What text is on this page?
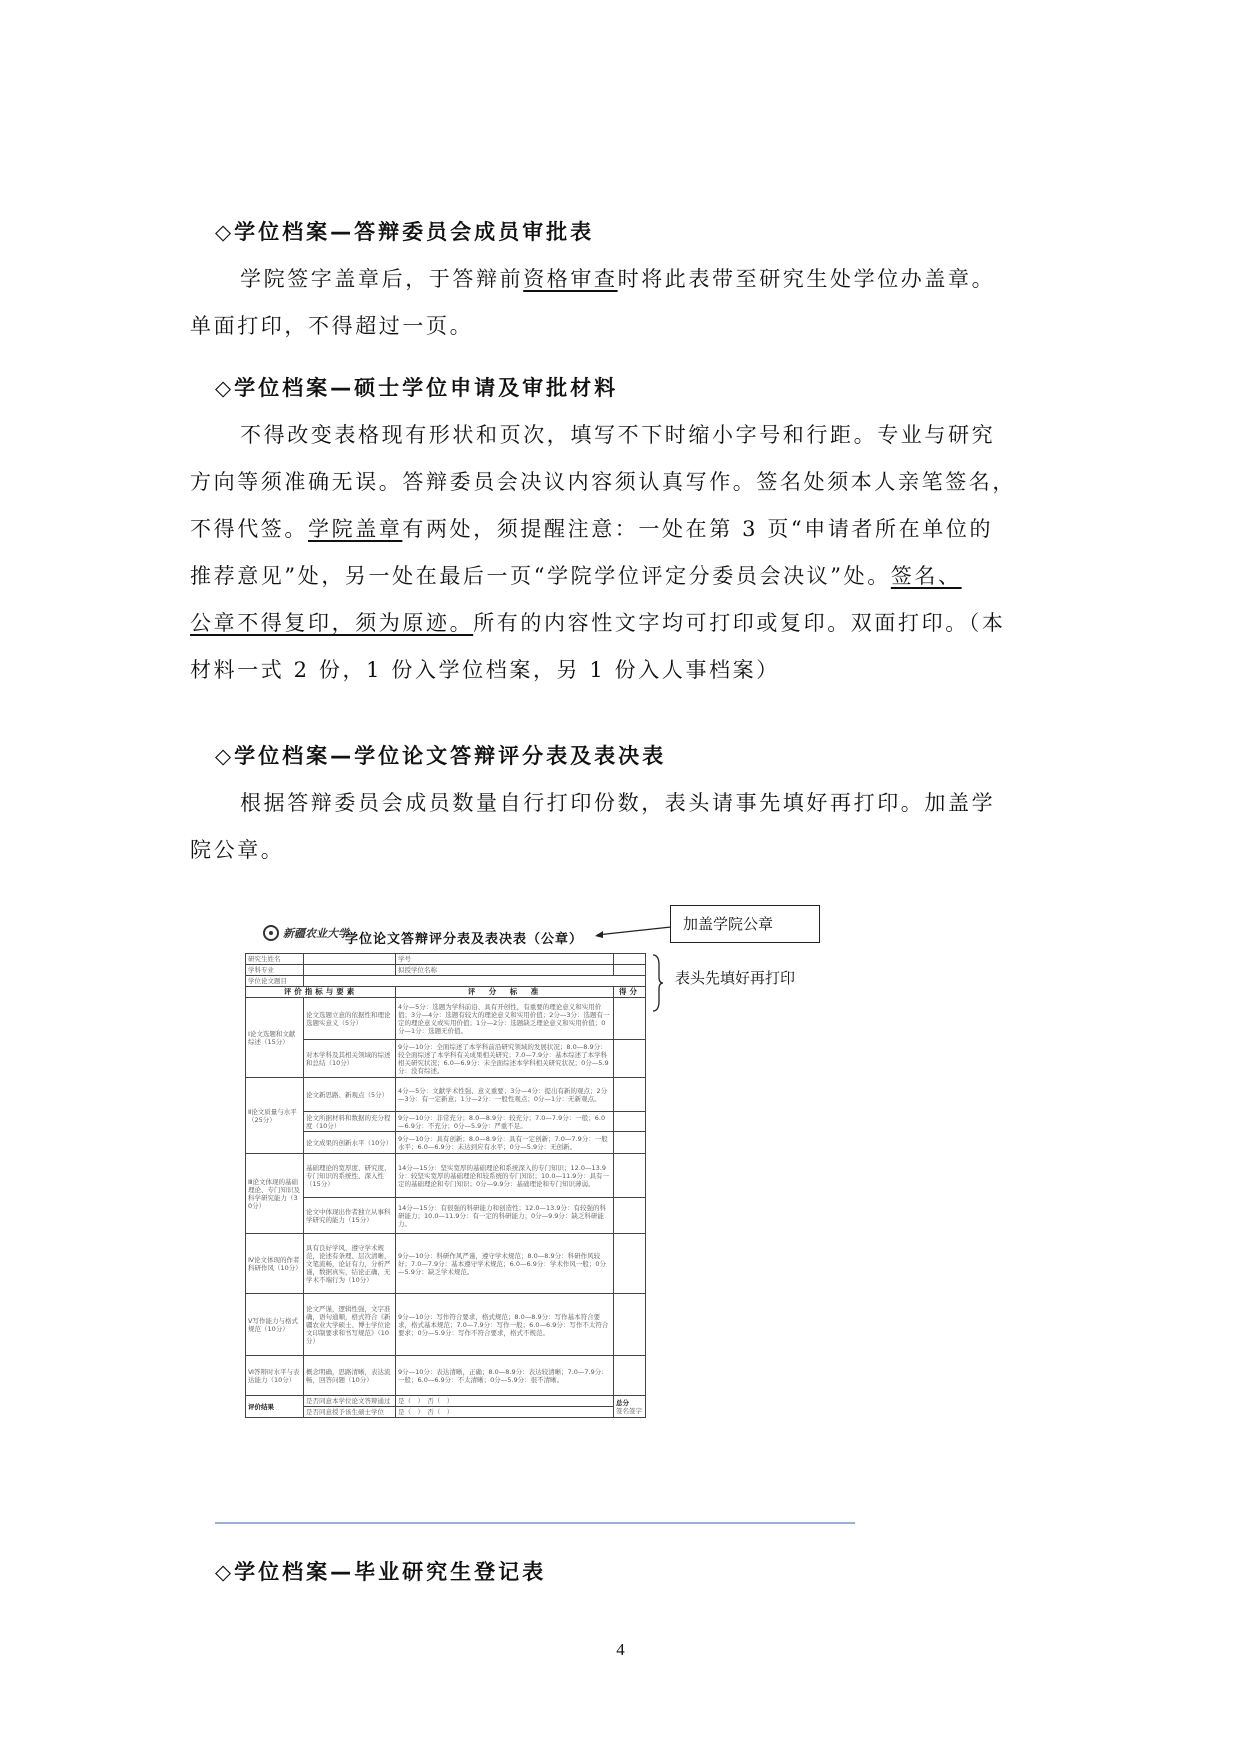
◇学位档案—答辩委员会成员审批表
学院签字盖章后，于答辩前资格审查时将此表带至研究生处学位办盖章。
单面打印，不得超过一页。
◇学位档案—硕士学位申请及审批材料
不得改变表格现有形状和页次，填写不下时缩小字号和行距。专业与研究
方向等须准确无误。答辩委员会决议内容须认真写作。签名处须本人亲笔签名，
不得代签。学院盖章有两处，须提醒注意：一处在第 3 页“申请者所在单位的
推荐意见”处，另一处在最后一页“学院学位评定分委员会决议”处。签名、
公章不得复印，须为原迹。所有的内容性文字均可打印或复印。双面打印。（本
材料一式 2 份，1 份入学位档案，另 1 份入人事档案）
◇学位档案—学位论文答辩评分表及表决表
根据答辩委员会成员数量自行打印份数，表头请事先填好再打印。加盖学
院公章。
新疆农业大学
学位论文答辩评分表及表决表（公章）
加盖学院公章
表头先填好再打印
研究生姓名		学号	
学科专业		拟授学位名称	
学位论文题目			
评价指标与要素		评　分　标　准	得分
Ⅰ论文选题和文献综述（15分）	论文选题立意的依据性和理论选题实意义（5分）	4分—5分：选题为学科前沿、具有开创性，有重要的理论意义和实用价值；3分—4分：选题有较大的理论意义和实用价值；2分—3分：选题有一定的理论意义或实用价值；1分—2分：选题缺乏理论意义和实用价值；0分—1分：选题无价值。	
	对本学科及其相关领域的综述和总结（10分）	9分—10分：全面综述了本学科前沿研究领域的发展状况；8.0—8.9分：较全面综述了本学科有关成果相关研究；7.0—7.9分：基本综述了本学科相关研究状况；6.0—6.9分：未全面综述本学科相关研究状况；0分—5.9分：没有综述。	
Ⅱ论文质量与水平（25分）	论文新思路、新观点（5分）	4分—5分：文献学术性强、意义重要；3分—4分：提出有新的观点；2分—3分：有一定新意；1分—2分：一般性观点；0分—1分：无新观点。	
	论文所据材料和数据的充分程度（10分）	9分—10分：非常充分；8.0—8.9分：较充分；7.0—7.9分：一般；6.0—6.9分：不充分；0分—5.9分：严重不足。	
	论文成果的创新水平（10分）	9分—10分：具有创新；8.0—8.9分：具有一定创新；7.0—7.9分：一般水平；6.0—6.9分：未达到应有水平；0分—5.9分：无创新。	
Ⅲ论文体现的基础理论、专门知识及科学研究能力（30分）	基础理论的宽厚度、研究度、专门知识的系统性、深入性（15分）	14分—15分：坚实宽厚的基础理论和系统深入的专门知识；12.0—13.9分：较坚实宽厚的基础理论和较系统的专门知识；10.0—11.9分：具有一定的基础理论和专门知识；0分—9.9分：基础理论和专门知识薄弱。	
	论文中体现出作者独立从事科学研究的能力（15分）	14分—15分：有很强的科研能力和创造性；12.0—13.9分：有较强的科研能力；10.0—11.9分：有一定的科研能力；0分—9.9分：缺乏科研能力。	
Ⅳ论文体现的作者科研作风（10分）	具有良好学风，遵守学术规范，论述有条理、层次清晰，文笔流畅，论证有力，分析严谨，数据真实，结论正确，无学术不端行为（10分）	9分—10分：科研作风严谨，遵守学术规范；8.0—8.9分：科研作风较好；7.0—7.9分：基本遵守学术规范；6.0—6.9分：学术作风一般；0分—5.9分：缺乏学术规范。	
Ⅴ写作能力与格式规范（10分）	论文严谨，逻辑性强，文字准确，语句通顺，格式符合《新疆农业大学硕士、博士学位论文印制要求和书写规范》（10分）	9分—10分：写作符合要求，格式规范；8.0—8.9分：写作基本符合要求，格式基本规范；7.0—7.9分：写作一般；6.0—6.9分：写作不太符合要求；0分—5.9分：写作不符合要求，格式不规范。	
Ⅵ答辩时水平与表达能力（10分）	概念明确，思路清晰，表达流畅，回答问题（10分）	9分—10分：表达清晰，正确；8.0—8.9分：表达较清晰；7.0—7.9分：一般；6.0—6.9分：不太清晰；0分—5.9分：很不清晰。	
评价结果	是否同意本学位论文答辩通过	是（　）　否（　）	总分
签名签字
	是否同意授予该生硕士学位	是（　）　否（　）	
◇学位档案—毕业研究生登记表
4
